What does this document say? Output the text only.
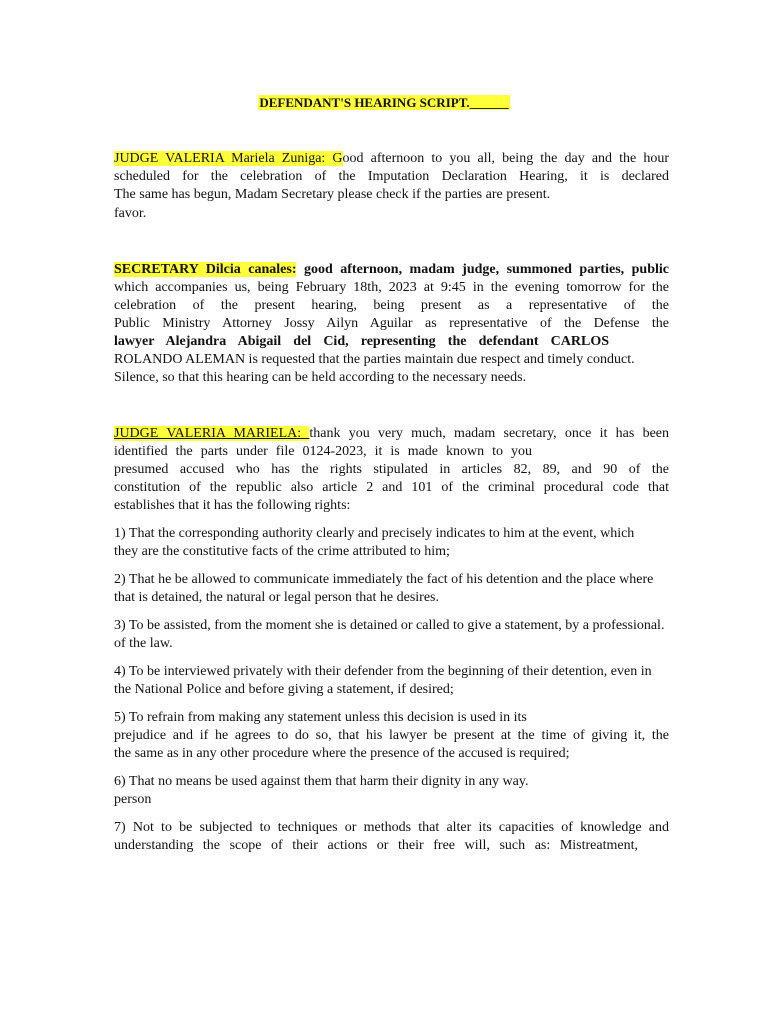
DEFENDANT'S HEARING SCRIPT.______
JUDGE VALERIA Mariela Zuniga: Good afternoon to you all, being the day and the hour
scheduled for the celebration of the Imputation Declaration Hearing, it is declared
The same has begun, Madam Secretary please check if the parties are present.
favor.
SECRETARY Dilcia canales: good afternoon, madam judge, summoned parties, public
which accompanies us, being February 18th, 2023 at 9:45 in the evening tomorrow for the
celebration of the present hearing, being present as a representative of the
Public Ministry Attorney Jossy Ailyn Aguilar as representative of the Defense the
lawyer Alejandra Abigail del Cid, representing the defendant CARLOS
ROLANDO ALEMAN is requested that the parties maintain due respect and timely conduct.
Silence, so that this hearing can be held according to the necessary needs.
JUDGE VALERIA MARIELA: thank you very much, madam secretary, once it has been
identified the parts under file 0124-2023, it is made known to you
presumed accused who has the rights stipulated in articles 82, 89, and 90 of the
constitution of the republic also article 2 and 101 of the criminal procedural code that
establishes that it has the following rights:
1) That the corresponding authority clearly and precisely indicates to him at the event, which
they are the constitutive facts of the crime attributed to him;
2) That he be allowed to communicate immediately the fact of his detention and the place where
that is detained, the natural or legal person that he desires.
3) To be assisted, from the moment she is detained or called to give a statement, by a professional.
of the law.
4) To be interviewed privately with their defender from the beginning of their detention, even in
the National Police and before giving a statement, if desired;
5) To refrain from making any statement unless this decision is used in its
prejudice and if he agrees to do so, that his lawyer be present at the time of giving it, the
the same as in any other procedure where the presence of the accused is required;
6) That no means be used against them that harm their dignity in any way.
person
7) Not to be subjected to techniques or methods that alter its capacities of knowledge and
understanding the scope of their actions or their free will, such as: Mistreatment,
